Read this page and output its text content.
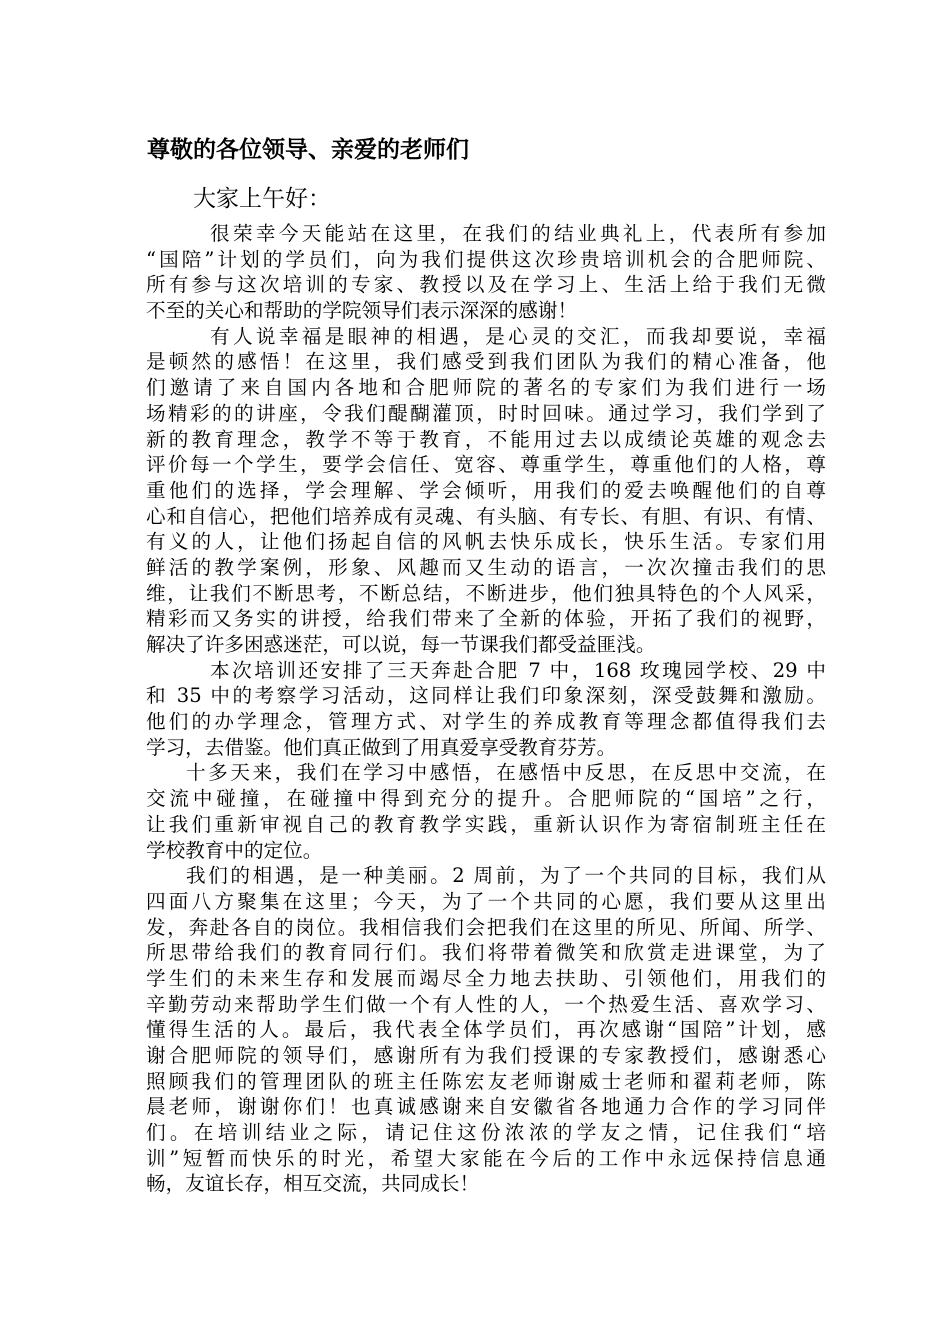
尊敬的各位领导、亲爱的老师们

大家上午好：

很荣幸今天能站在这里，在我们的结业典礼上，代表所有参加
“国陪”计划的学员们，向为我们提供这次珍贵培训机会的合肥师院、
所有参与这次培训的专家、教授以及在学习上、生活上给于我们无微
不至的关心和帮助的学院领导们表示深深的感谢！
有人说幸福是眼神的相遇，是心灵的交汇，而我却要说，幸福
是顿然的感悟！在这里，我们感受到我们团队为我们的精心准备，他
们邀请了来自国内各地和合肥师院的著名的专家们为我们进行一场
场精彩的的讲座，令我们醍醐灌顶，时时回味。通过学习，我们学到了
新的教育理念，教学不等于教育，不能用过去以成绩论英雄的观念去
评价每一个学生，要学会信任、宽容、尊重学生，尊重他们的人格，尊
重他们的选择，学会理解、学会倾听，用我们的爱去唤醒他们的自尊
心和自信心，把他们培养成有灵魂、有头脑、有专长、有胆、有识、有情、
有义的人，让他们扬起自信的风帆去快乐成长，快乐生活。专家们用
鲜活的教学案例，形象、风趣而又生动的语言，一次次撞击我们的思
维，让我们不断思考，不断总结，不断进步，他们独具特色的个人风采，
精彩而又务实的讲授，给我们带来了全新的体验，开拓了我们的视野，
解决了许多困惑迷茫，可以说，每一节课我们都受益匪浅。
本次培训还安排了三天奔赴合肥 7 中，168 玫瑰园学校、29 中
和 35 中的考察学习活动，这同样让我们印象深刻，深受鼓舞和激励。
他们的办学理念，管理方式、对学生的养成教育等理念都值得我们去
学习，去借鉴。他们真正做到了用真爱享受教育芬芳。
十多天来，我们在学习中感悟，在感悟中反思，在反思中交流，在
交流中碰撞，在碰撞中得到充分的提升。合肥师院的“国培”之行，
让我们重新审视自己的教育教学实践，重新认识作为寄宿制班主任在
学校教育中的定位。
我们的相遇，是一种美丽。2 周前，为了一个共同的目标，我们从
四面八方聚集在这里；今天，为了一个共同的心愿，我们要从这里出
发，奔赴各自的岗位。我相信我们会把我们在这里的所见、所闻、所学、
所思带给我们的教育同行们。我们将带着微笑和欣赏走进课堂，为了
学生们的未来生存和发展而竭尽全力地去扶助、引领他们，用我们的
辛勤劳动来帮助学生们做一个有人性的人，一个热爱生活、喜欢学习、
懂得生活的人。最后，我代表全体学员们，再次感谢“国陪”计划，感
谢合肥师院的领导们，感谢所有为我们授课的专家教授们，感谢悉心
照顾我们的管理团队的班主任陈宏友老师谢威士老师和翟莉老师，陈
晨老师，谢谢你们！也真诚感谢来自安徽省各地通力合作的学习同伴
们。在培训结业之际，请记住这份浓浓的学友之情，记住我们“培
训”短暂而快乐的时光，希望大家能在今后的工作中永远保持信息通
畅，友谊长存，相互交流，共同成长！
